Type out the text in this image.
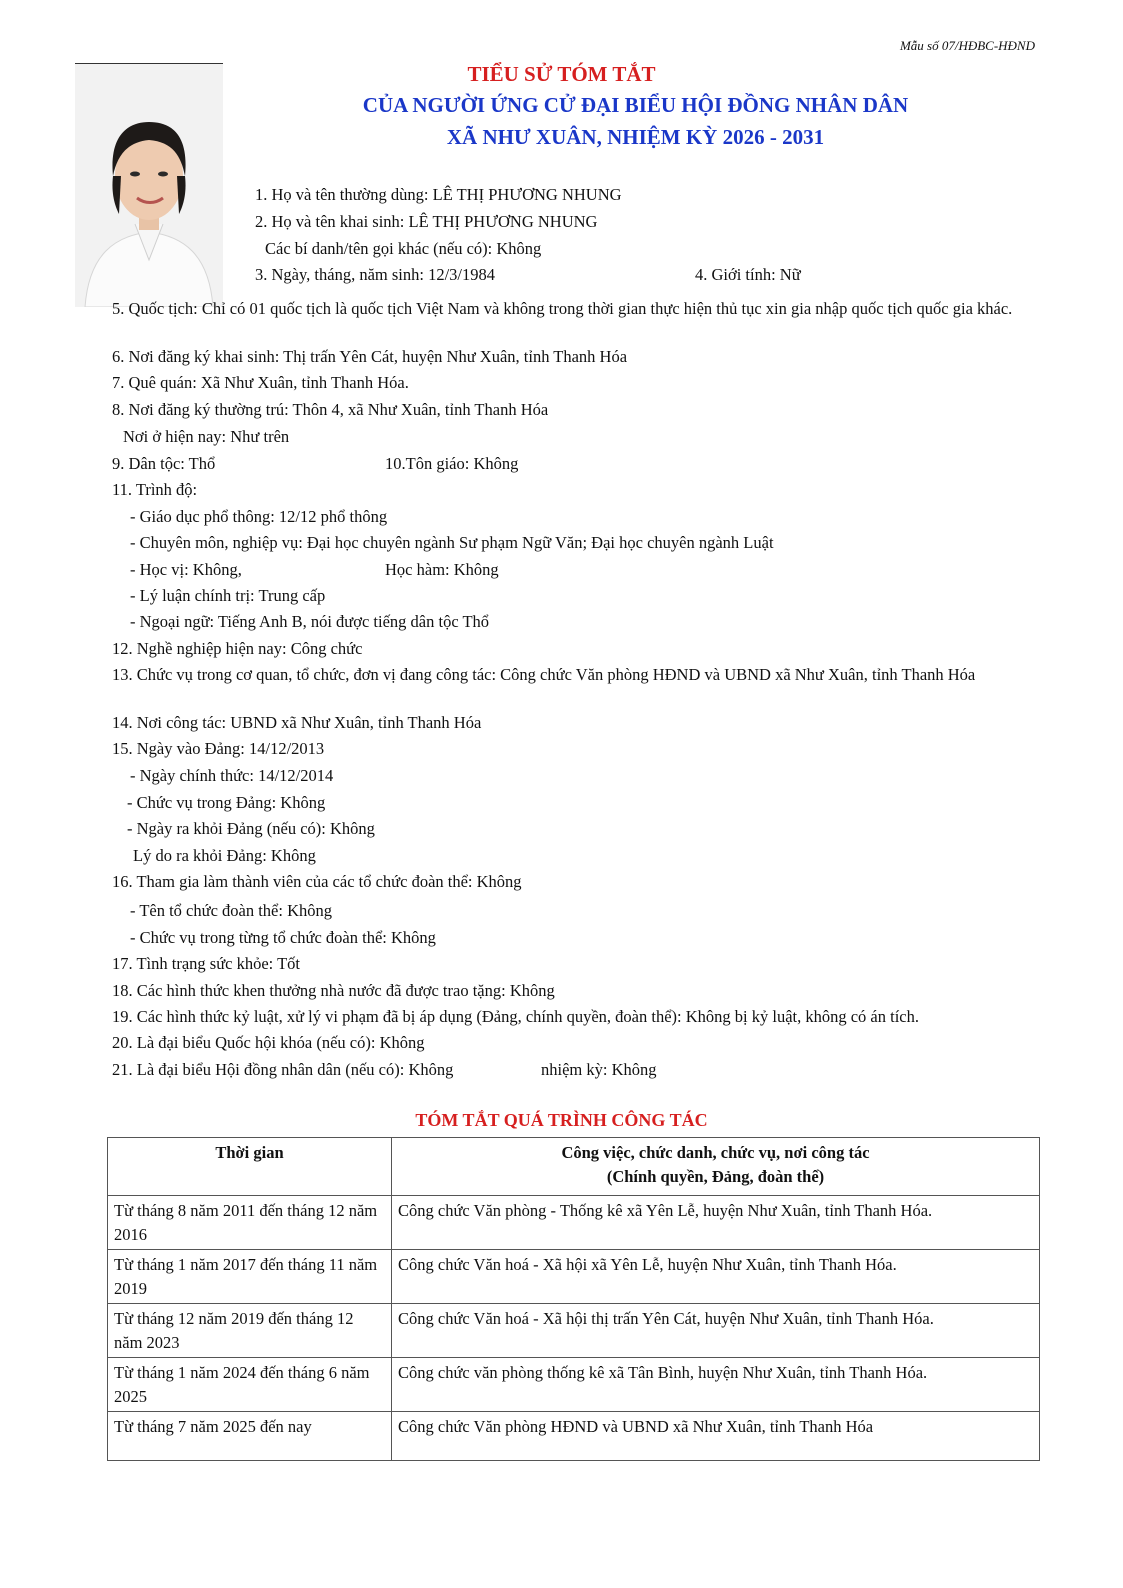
Mẫu số 07/HĐBC-HĐND
TIỂU SỬ TÓM TẮT
CỦA NGƯỜI ỨNG CỬ ĐẠI BIỂU HỘI ĐỒNG NHÂN DÂN
XÃ NHƯ XUÂN, NHIỆM KỲ 2026 - 2031
1. Họ và tên thường dùng: LÊ THỊ PHƯƠNG NHUNG
2. Họ và tên khai sinh: LÊ THỊ PHƯƠNG NHUNG
Các bí danh/tên gọi khác (nếu có): Không
3. Ngày, tháng, năm sinh: 12/3/1984	4. Giới tính: Nữ
5. Quốc tịch: Chỉ có 01 quốc tịch là quốc tịch Việt Nam và không trong thời gian thực hiện thủ tục xin gia nhập quốc tịch quốc gia khác.
6. Nơi đăng ký khai sinh: Thị trấn Yên Cát, huyện Như Xuân, tỉnh Thanh Hóa
7. Quê quán: Xã Như Xuân, tỉnh Thanh Hóa.
8. Nơi đăng ký thường trú: Thôn 4, xã Như Xuân, tỉnh Thanh Hóa
Nơi ở hiện nay: Như trên
9. Dân tộc: Thổ	10.Tôn giáo: Không
11. Trình độ:
- Giáo dục phổ thông: 12/12 phổ thông
- Chuyên môn, nghiệp vụ: Đại học chuyên ngành Sư phạm Ngữ Văn; Đại học chuyên ngành Luật
- Học vị: Không,	Học hàm: Không
- Lý luận chính trị: Trung cấp
- Ngoại ngữ: Tiếng Anh B, nói được tiếng dân tộc Thổ
12. Nghề nghiệp hiện nay: Công chức
13. Chức vụ trong cơ quan, tổ chức, đơn vị đang công tác: Công chức Văn phòng HĐND và UBND xã Như Xuân, tỉnh Thanh Hóa
14. Nơi công tác: UBND xã Như Xuân, tỉnh Thanh Hóa
15. Ngày vào Đảng: 14/12/2013
- Ngày chính thức: 14/12/2014
- Chức vụ trong Đảng: Không
- Ngày ra khỏi Đảng (nếu có): Không
Lý do ra khỏi Đảng: Không
16. Tham gia làm thành viên của các tổ chức đoàn thể: Không
- Tên tổ chức đoàn thể: Không
- Chức vụ trong từng tổ chức đoàn thể: Không
17. Tình trạng sức khỏe: Tốt
18. Các hình thức khen thưởng nhà nước đã được trao tặng: Không
19. Các hình thức kỷ luật, xử lý vi phạm đã bị áp dụng (Đảng, chính quyền, đoàn thể): Không bị kỷ luật, không có án tích.
20. Là đại biểu Quốc hội khóa (nếu có): Không
21. Là đại biểu Hội đồng nhân dân (nếu có): Không	nhiệm kỳ: Không
TÓM TẮT QUÁ TRÌNH CÔNG TÁC
Thời gian	Công việc, chức danh, chức vụ, nơi công tác
(Chính quyền, Đảng, đoàn thể)

Từ tháng 8 năm 2011 đến tháng 12 năm 2016	Công chức Văn phòng - Thống kê xã Yên Lễ, huyện Như Xuân, tỉnh Thanh Hóa.
Từ tháng 1 năm 2017 đến tháng 11 năm 2019	Công chức Văn hoá - Xã hội xã Yên Lễ, huyện Như Xuân, tỉnh Thanh Hóa.
Từ tháng 12 năm 2019 đến tháng 12 năm 2023	Công chức Văn hoá - Xã hội thị trấn Yên Cát, huyện Như Xuân, tỉnh Thanh Hóa.
Từ tháng 1 năm 2024 đến tháng 6 năm 2025	Công chức văn phòng thống kê xã Tân Bình, huyện Như Xuân, tỉnh Thanh Hóa.
Từ tháng 7 năm 2025 đến nay	Công chức Văn phòng HĐND và UBND xã Như Xuân, tỉnh Thanh Hóa
